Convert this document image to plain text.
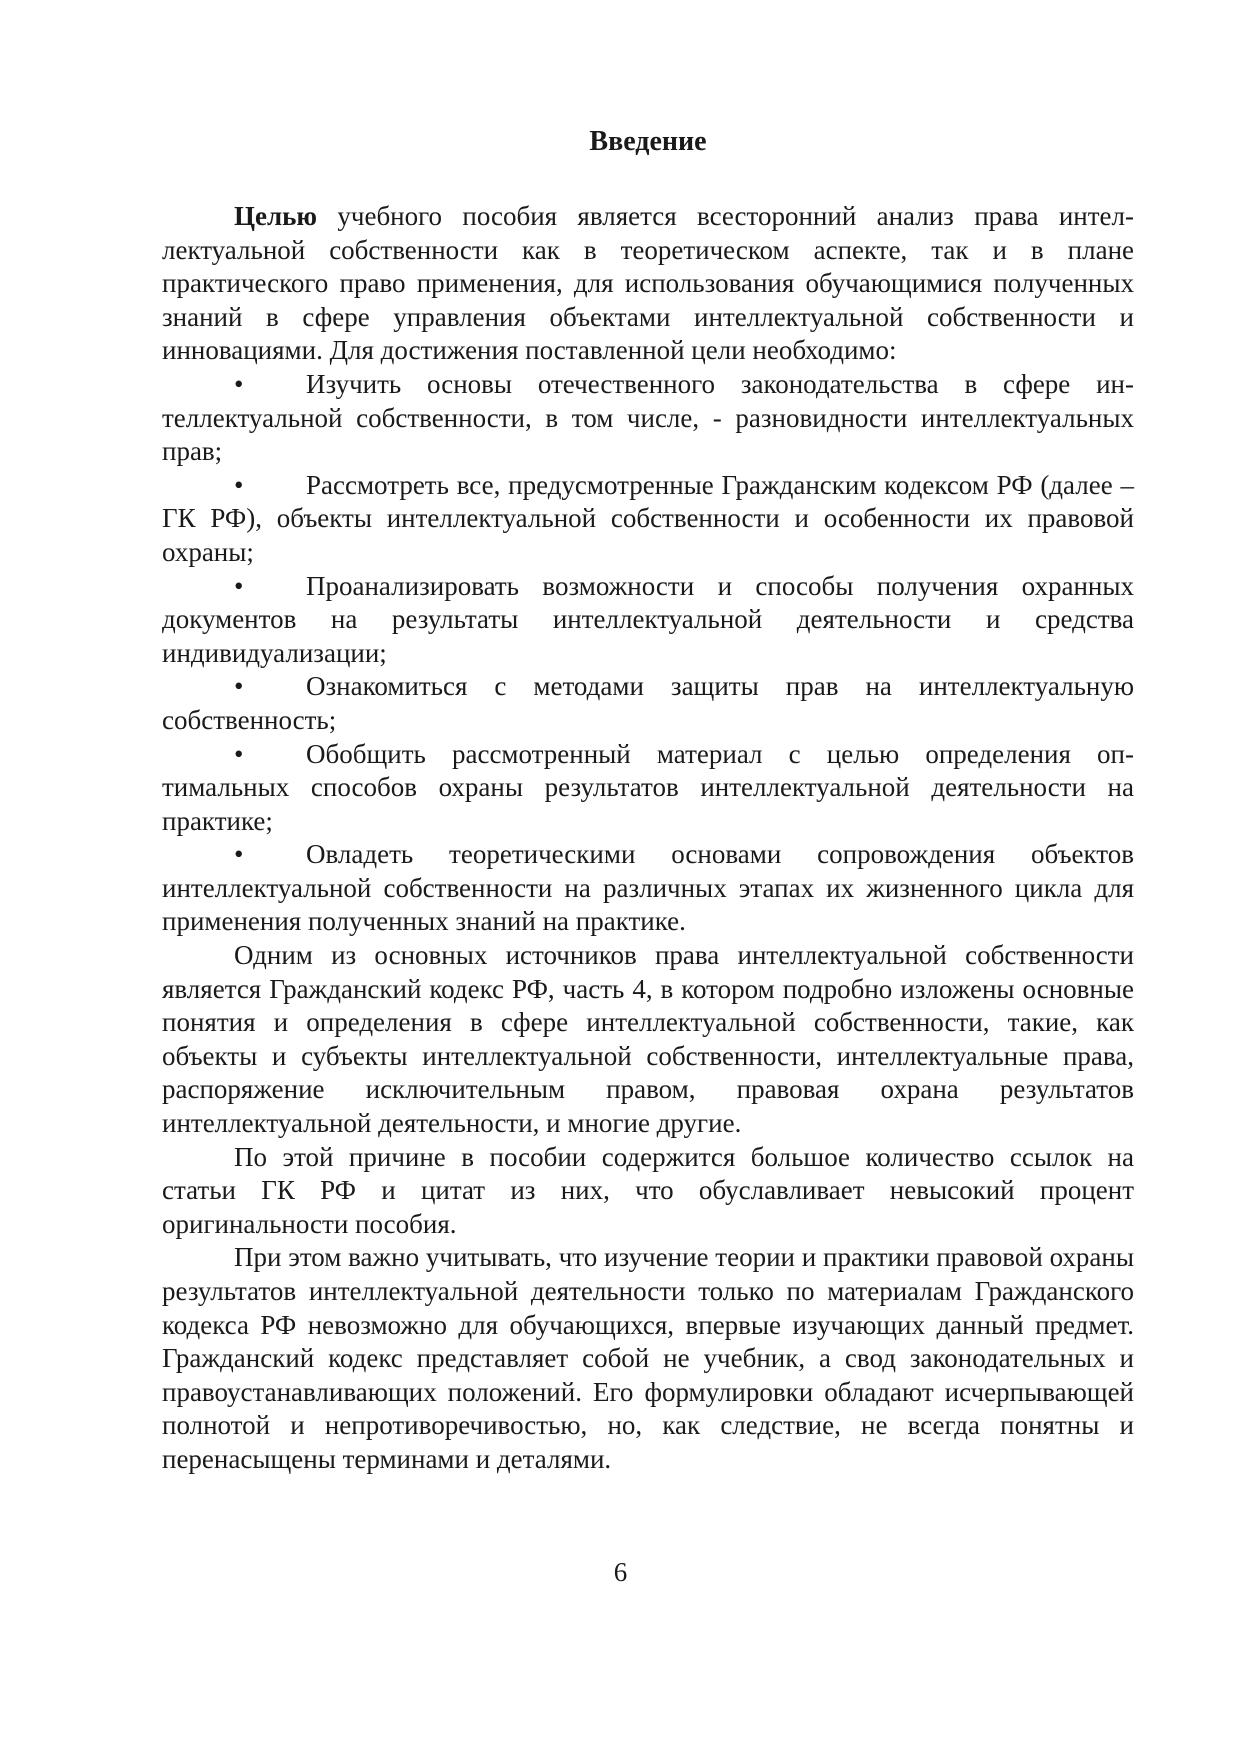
Введение

Целью учебного пособия является всесторонний анализ права интеллектуальной собственности как в теоретическом аспекте, так и в плане практического право применения, для использования обучающимися полученных знаний в сфере управления объектами интеллектуальной собственности и инновациями. Для достижения поставленной цели необходимо:

• Изучить основы отечественного законодательства в сфере интеллектуальной собственности, в том числе, - разновидности интеллектуальных прав;
• Рассмотреть все, предусмотренные Гражданским кодексом РФ (далее – ГК РФ), объекты интеллектуальной собственности и особенности их правовой охраны;
• Проанализировать возможности и способы получения охранных документов на результаты интеллектуальной деятельности и средства индивидуализации;
• Ознакомиться с методами защиты прав на интеллектуальную собственность;
• Обобщить рассмотренный материал с целью определения оптимальных способов охраны результатов интеллектуальной деятельности на практике;
• Овладеть теоретическими основами сопровождения объектов интеллектуальной собственности на различных этапах их жизненного цикла для применения полученных знаний на практике.

Одним из основных источников права интеллектуальной собственности является Гражданский кодекс РФ, часть 4, в котором подробно изложены основные понятия и определения в сфере интеллектуальной собственности, такие, как объекты и субъекты интеллектуальной собственности, интеллектуальные права, распоряжение исключительным правом, правовая охрана результатов интеллектуальной деятельности, и многие другие.

По этой причине в пособии содержится большое количество ссылок на статьи ГК РФ и цитат из них, что обуславливает невысокий процент оригинальности пособия.

При этом важно учитывать, что изучение теории и практики правовой охраны результатов интеллектуальной деятельности только по материалам Гражданского кодекса РФ невозможно для обучающихся, впервые изучающих данный предмет. Гражданский кодекс представляет собой не учебник, а свод законодательных и правоустанавливающих положений. Его формулировки обладают исчерпывающей полнотой и непротиворечивостью, но, как следствие, не всегда понятны и перенасыщены терминами и деталями.

6
